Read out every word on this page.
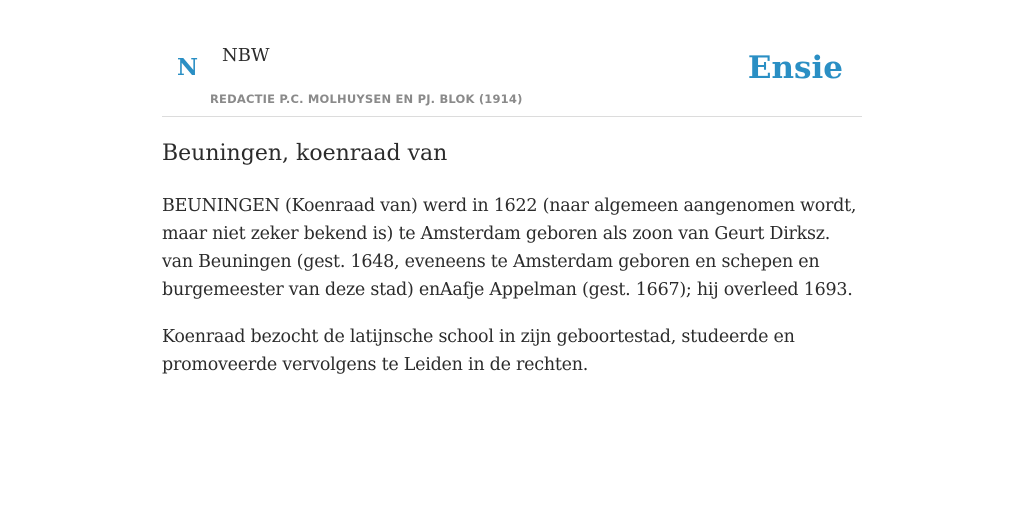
N NBW
REDACTIE P.C. MOLHUYSEN EN PJ. BLOK (1914)
Ensie
Beuningen, koenraad van

BEUNINGEN (Koenraad van) werd in 1622 (naar algemeen aangenomen wordt, maar niet zeker bekend is) te Amsterdam geboren als zoon van Geurt Dirksz. van Beuningen (gest. 1648, eveneens te Amsterdam geboren en schepen en burgemeester van deze stad) enAafje Appelman (gest. 1667); hij overleed 1693.

Koenraad bezocht de latijnsche school in zijn geboortestad, studeerde en promoveerde vervolgens te Leiden in de rechten.
